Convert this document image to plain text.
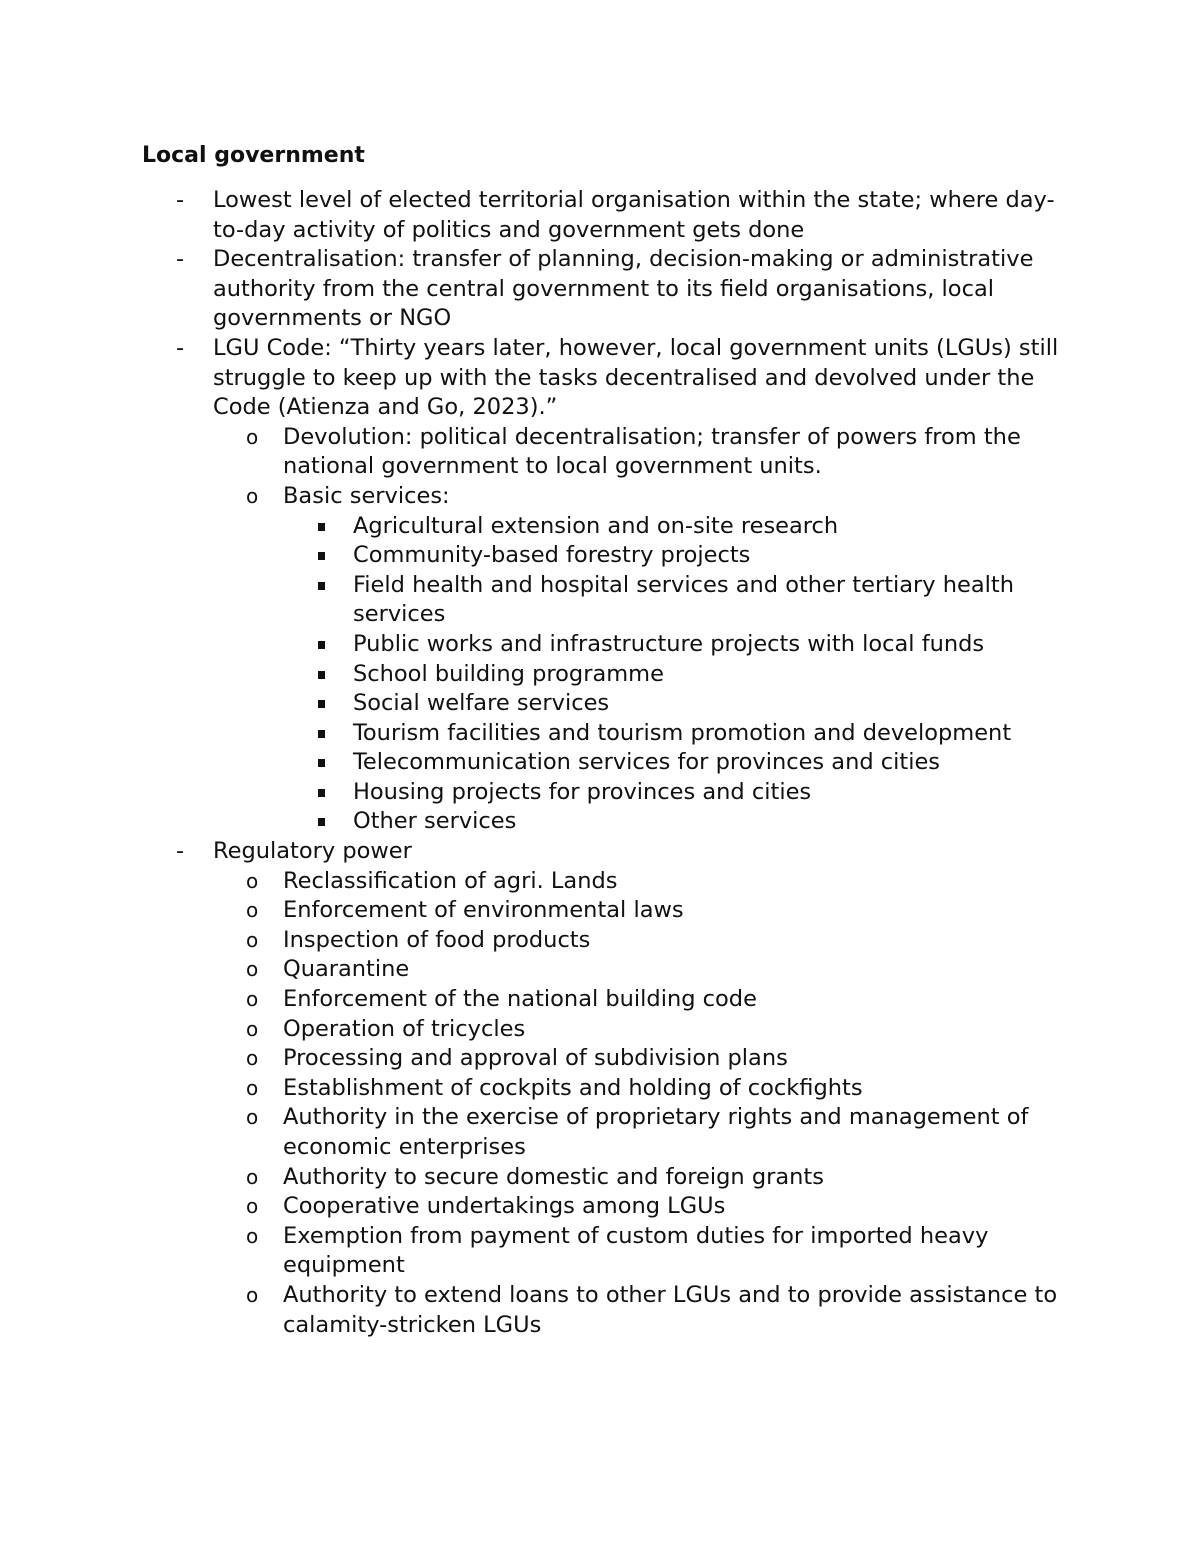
Local government
- Lowest level of elected territorial organisation within the state; where day-to-day activity of politics and government gets done
- Decentralisation: transfer of planning, decision-making or administrative authority from the central government to its field organisations, local governments or NGO
- LGU Code: “Thirty years later, however, local government units (LGUs) still struggle to keep up with the tasks decentralised and devolved under the Code (Atienza and Go, 2023).”
o Devolution: political decentralisation; transfer of powers from the national government to local government units.
o Basic services:
Agricultural extension and on-site research
Community-based forestry projects
Field health and hospital services and other tertiary health services
Public works and infrastructure projects with local funds
School building programme
Social welfare services
Tourism facilities and tourism promotion and development
Telecommunication services for provinces and cities
Housing projects for provinces and cities
Other services
- Regulatory power
o Reclassification of agri. Lands
o Enforcement of environmental laws
o Inspection of food products
o Quarantine
o Enforcement of the national building code
o Operation of tricycles
o Processing and approval of subdivision plans
o Establishment of cockpits and holding of cockfights
o Authority in the exercise of proprietary rights and management of economic enterprises
o Authority to secure domestic and foreign grants
o Cooperative undertakings among LGUs
o Exemption from payment of custom duties for imported heavy equipment
o Authority to extend loans to other LGUs and to provide assistance to calamity-stricken LGUs
